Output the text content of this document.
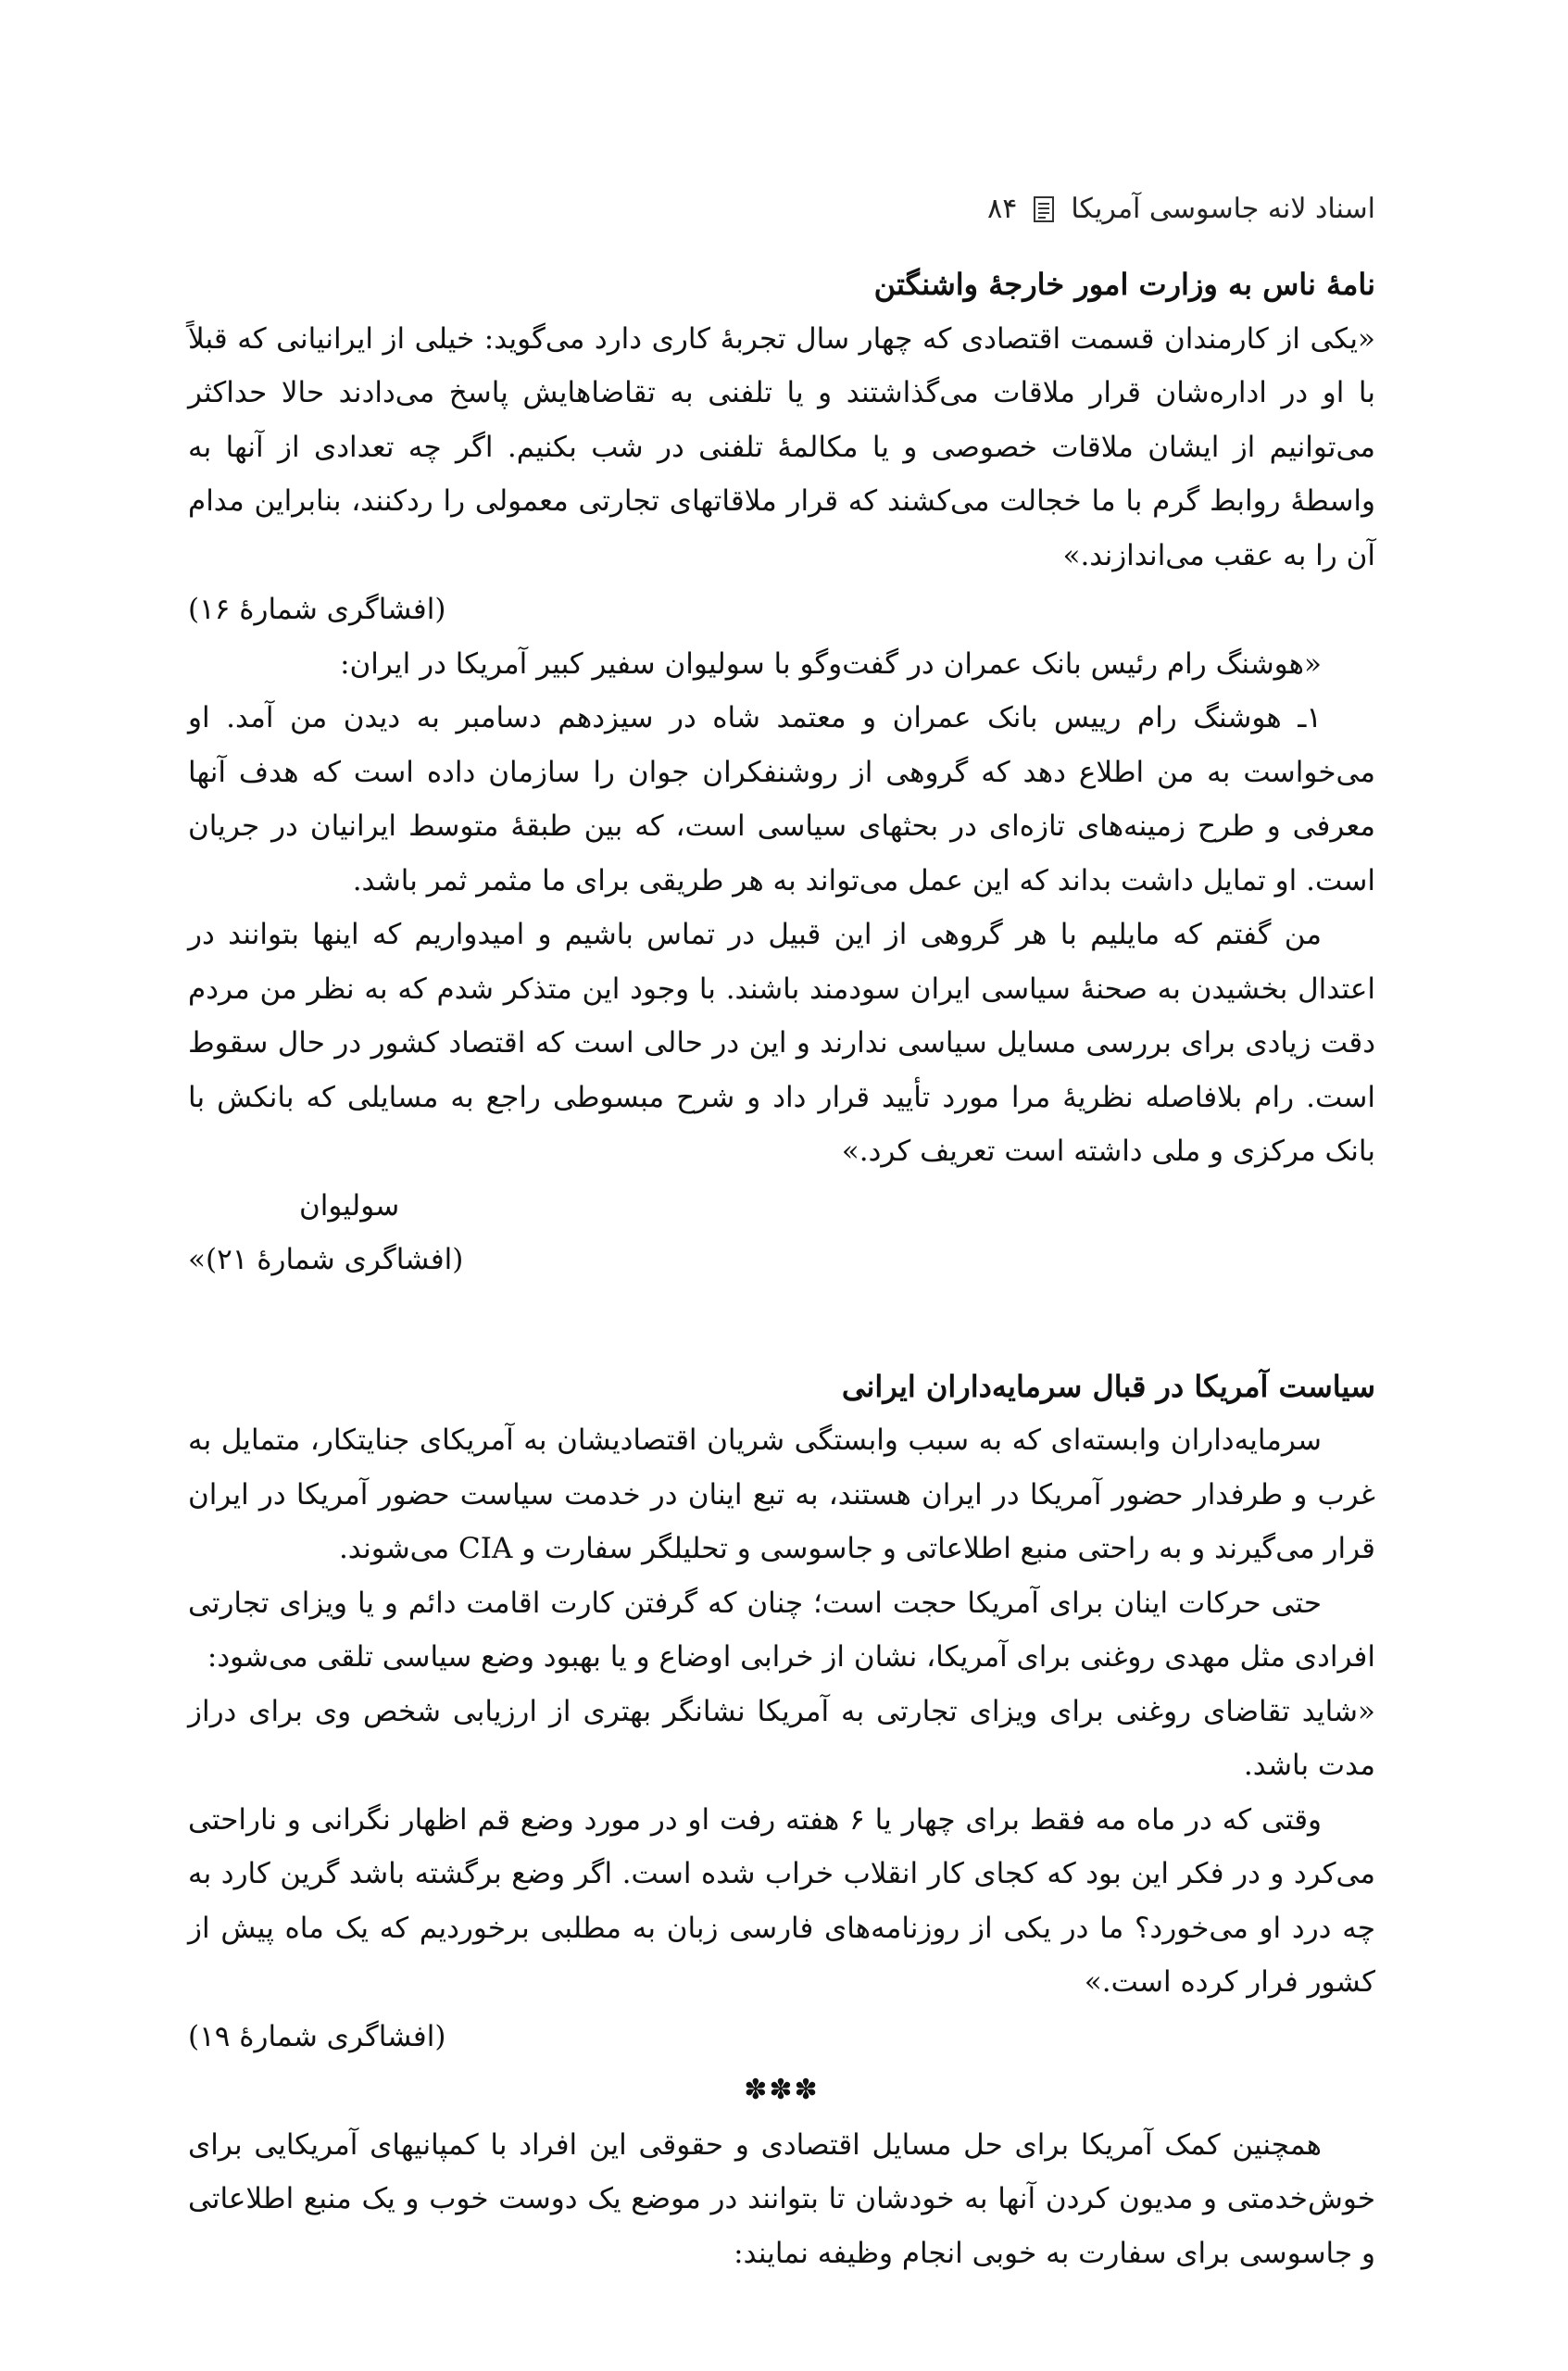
اسناد لانه جاسوسی آمریکا
۸۴
نامهٔ ناس به وزارت امور خارجهٔ واشنگتن

«یکی از کارمندان قسمت اقتصادی که چهار سال تجربهٔ کاری دارد می‌گوید: خیلی از ایرانیانی که قبلاً با او در اداره‌شان قرار ملاقات می‌گذاشتند و یا تلفنی به تقاضاهایش پاسخ می‌دادند حالا حداکثر می‌توانیم از ایشان ملاقات خصوصی و یا مکالمهٔ تلفنی در شب بکنیم. اگر چه تعدادی از آنها به واسطهٔ روابط گرم با ما خجالت می‌کشند که قرار ملاقاتهای تجارتی معمولی را ردکنند، بنابراین مدام آن را به عقب می‌اندازند.»

(افشاگری شمارهٔ ۱۶)

«هوشنگ رام رئیس بانک عمران در گفت‌وگو با سولیوان سفیر کبیر آمریکا در ایران:

۱ـ هوشنگ رام رییس بانک عمران و معتمد شاه در سیزدهم دسامبر به دیدن من آمد. او می‌خواست به من اطلاع دهد که گروهی از روشنفکران جوان را سازمان داده است که هدف آنها معرفی و طرح زمینه‌های تازه‌ای در بحثهای سیاسی است، که بین طبقهٔ متوسط ایرانیان در جریان است. او تمایل داشت بداند که این عمل می‌تواند به هر طریقی برای ما مثمر ثمر باشد.

من گفتم که مایلیم با هر گروهی از این قبیل در تماس باشیم و امیدواریم که اینها بتوانند در اعتدال بخشیدن به صحنهٔ سیاسی ایران سودمند باشند. با وجود این متذکر شدم که به نظر من مردم دقت زیادی برای بررسی مسایل سیاسی ندارند و این در حالی است که اقتصاد کشور در حال سقوط است. رام بلافاصله نظریهٔ مرا مورد تأیید قرار داد و شرح مبسوطی راجع به مسایلی که بانکش با بانک مرکزی و ملی داشته است تعریف کرد.»

سولیوان

(افشاگری شمارهٔ ۲۱)»

سیاست آمریکا در قبال سرمایه‌داران ایرانی

سرمایه‌داران وابسته‌ای که به سبب وابستگی شریان اقتصادیشان به آمریکای جنایتکار، متمایل به غرب و طرفدار حضور آمریکا در ایران هستند، به تبع اینان در خدمت سیاست حضور آمریکا در ایران قرار می‌گیرند و به راحتی منبع اطلاعاتی و جاسوسی و تحلیلگر سفارت و CIA می‌شوند.

حتی حرکات اینان برای آمریکا حجت است؛ چنان که گرفتن کارت اقامت دائم و یا ویزای تجارتی افرادی مثل مهدی روغنی برای آمریکا، نشان از خرابی اوضاع و یا بهبود وضع سیاسی تلقی می‌شود:

«شاید تقاضای روغنی برای ویزای تجارتی به آمریکا نشانگر بهتری از ارزیابی شخص وی برای دراز مدت باشد.

وقتی که در ماه مه فقط برای چهار یا ۶ هفته رفت او در مورد وضع قم اظهار نگرانی و ناراحتی می‌کرد و در فکر این بود که کجای کار انقلاب خراب شده است. اگر وضع برگشته باشد گرین کارد به چه درد او می‌خورد؟ ما در یکی از روزنامه‌های فارسی زبان به مطلبی برخوردیم که یک ماه پیش از کشور فرار کرده است.»

(افشاگری شمارهٔ ۱۹)

✽✽✽

همچنین کمک آمریکا برای حل مسایل اقتصادی و حقوقی این افراد با کمپانیهای آمریکایی برای خوش‌خدمتی و مدیون کردن آنها به خودشان تا بتوانند در موضع یک دوست خوب و یک منبع اطلاعاتی و جاسوسی برای سفارت به خوبی انجام وظیفه نمایند:
